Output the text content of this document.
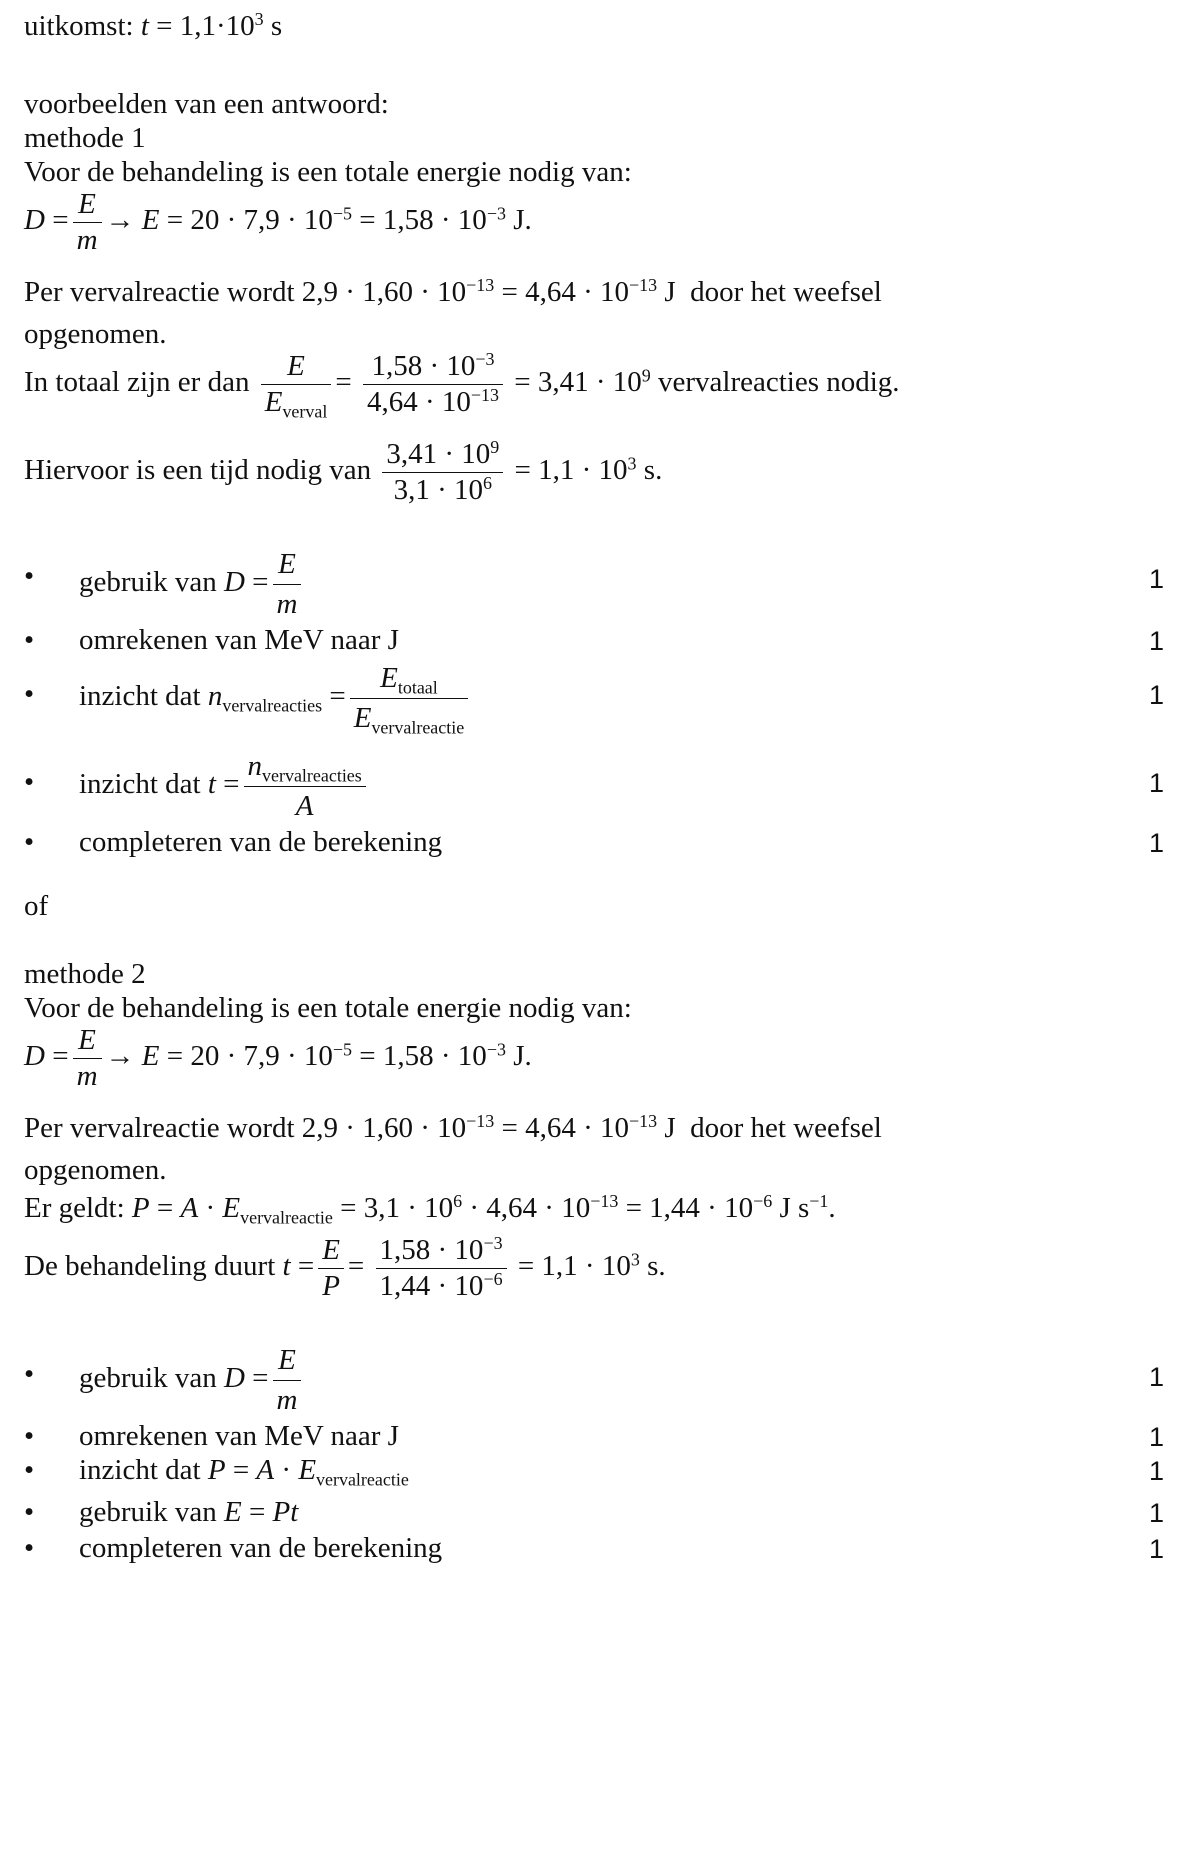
uitkomst: $t = 1,1\cdot 10^3$ s
voorbeelden van een antwoord:
methode 1
Voor de behandeling is een totale energie nodig van:
$D = \frac{E}{m} \to E = 20 \cdot 7,9 \cdot 10^{-5} = 1,58 \cdot 10^{-3}$ J.
Per vervalreactie wordt $2,9 \cdot 1,60 \cdot 10^{-13} = 4,64 \cdot 10^{-13}$ J door het weefsel
opgenomen.
In totaal zijn er dan $\frac{E}{E_{verval}} = \frac{1,58 \cdot 10^{-3}}{4,64 \cdot 10^{-13}} = 3,41 \cdot 10^9$ vervalreacties nodig.
Hiervoor is een tijd nodig van $\frac{3,41 \cdot 10^9}{3,1 \cdot 10^6} = 1,1 \cdot 10^3$ s.
• gebruik van $D = \frac{E}{m}$	1
• omrekenen van MeV naar J	1
• inzicht dat $n_{vervalreacties} = \frac{E_{totaal}}{E_{vervalreactie}}$	1
• inzicht dat $t = \frac{n_{vervalreacties}}{A}$	1
• completeren van de berekening	1
of
methode 2
Voor de behandeling is een totale energie nodig van:
$D = \frac{E}{m} \to E = 20 \cdot 7,9 \cdot 10^{-5} = 1,58 \cdot 10^{-3}$ J.
Per vervalreactie wordt $2,9 \cdot 1,60 \cdot 10^{-13} = 4,64 \cdot 10^{-13}$ J door het weefsel
opgenomen.
Er geldt: $P = A \cdot E_{vervalreactie} = 3,1 \cdot 10^6 \cdot 4,64 \cdot 10^{-13} = 1,44 \cdot 10^{-6}$ J $s^{-1}$.
De behandeling duurt $t = \frac{E}{P} = \frac{1,58 \cdot 10^{-3}}{1,44 \cdot 10^{-6}} = 1,1 \cdot 10^3$ s.
• gebruik van $D = \frac{E}{m}$	1
• omrekenen van MeV naar J	1
• inzicht dat $P = A \cdot E_{vervalreactie}$	1
• gebruik van E = Pt	1
• completeren van de berekening	1
